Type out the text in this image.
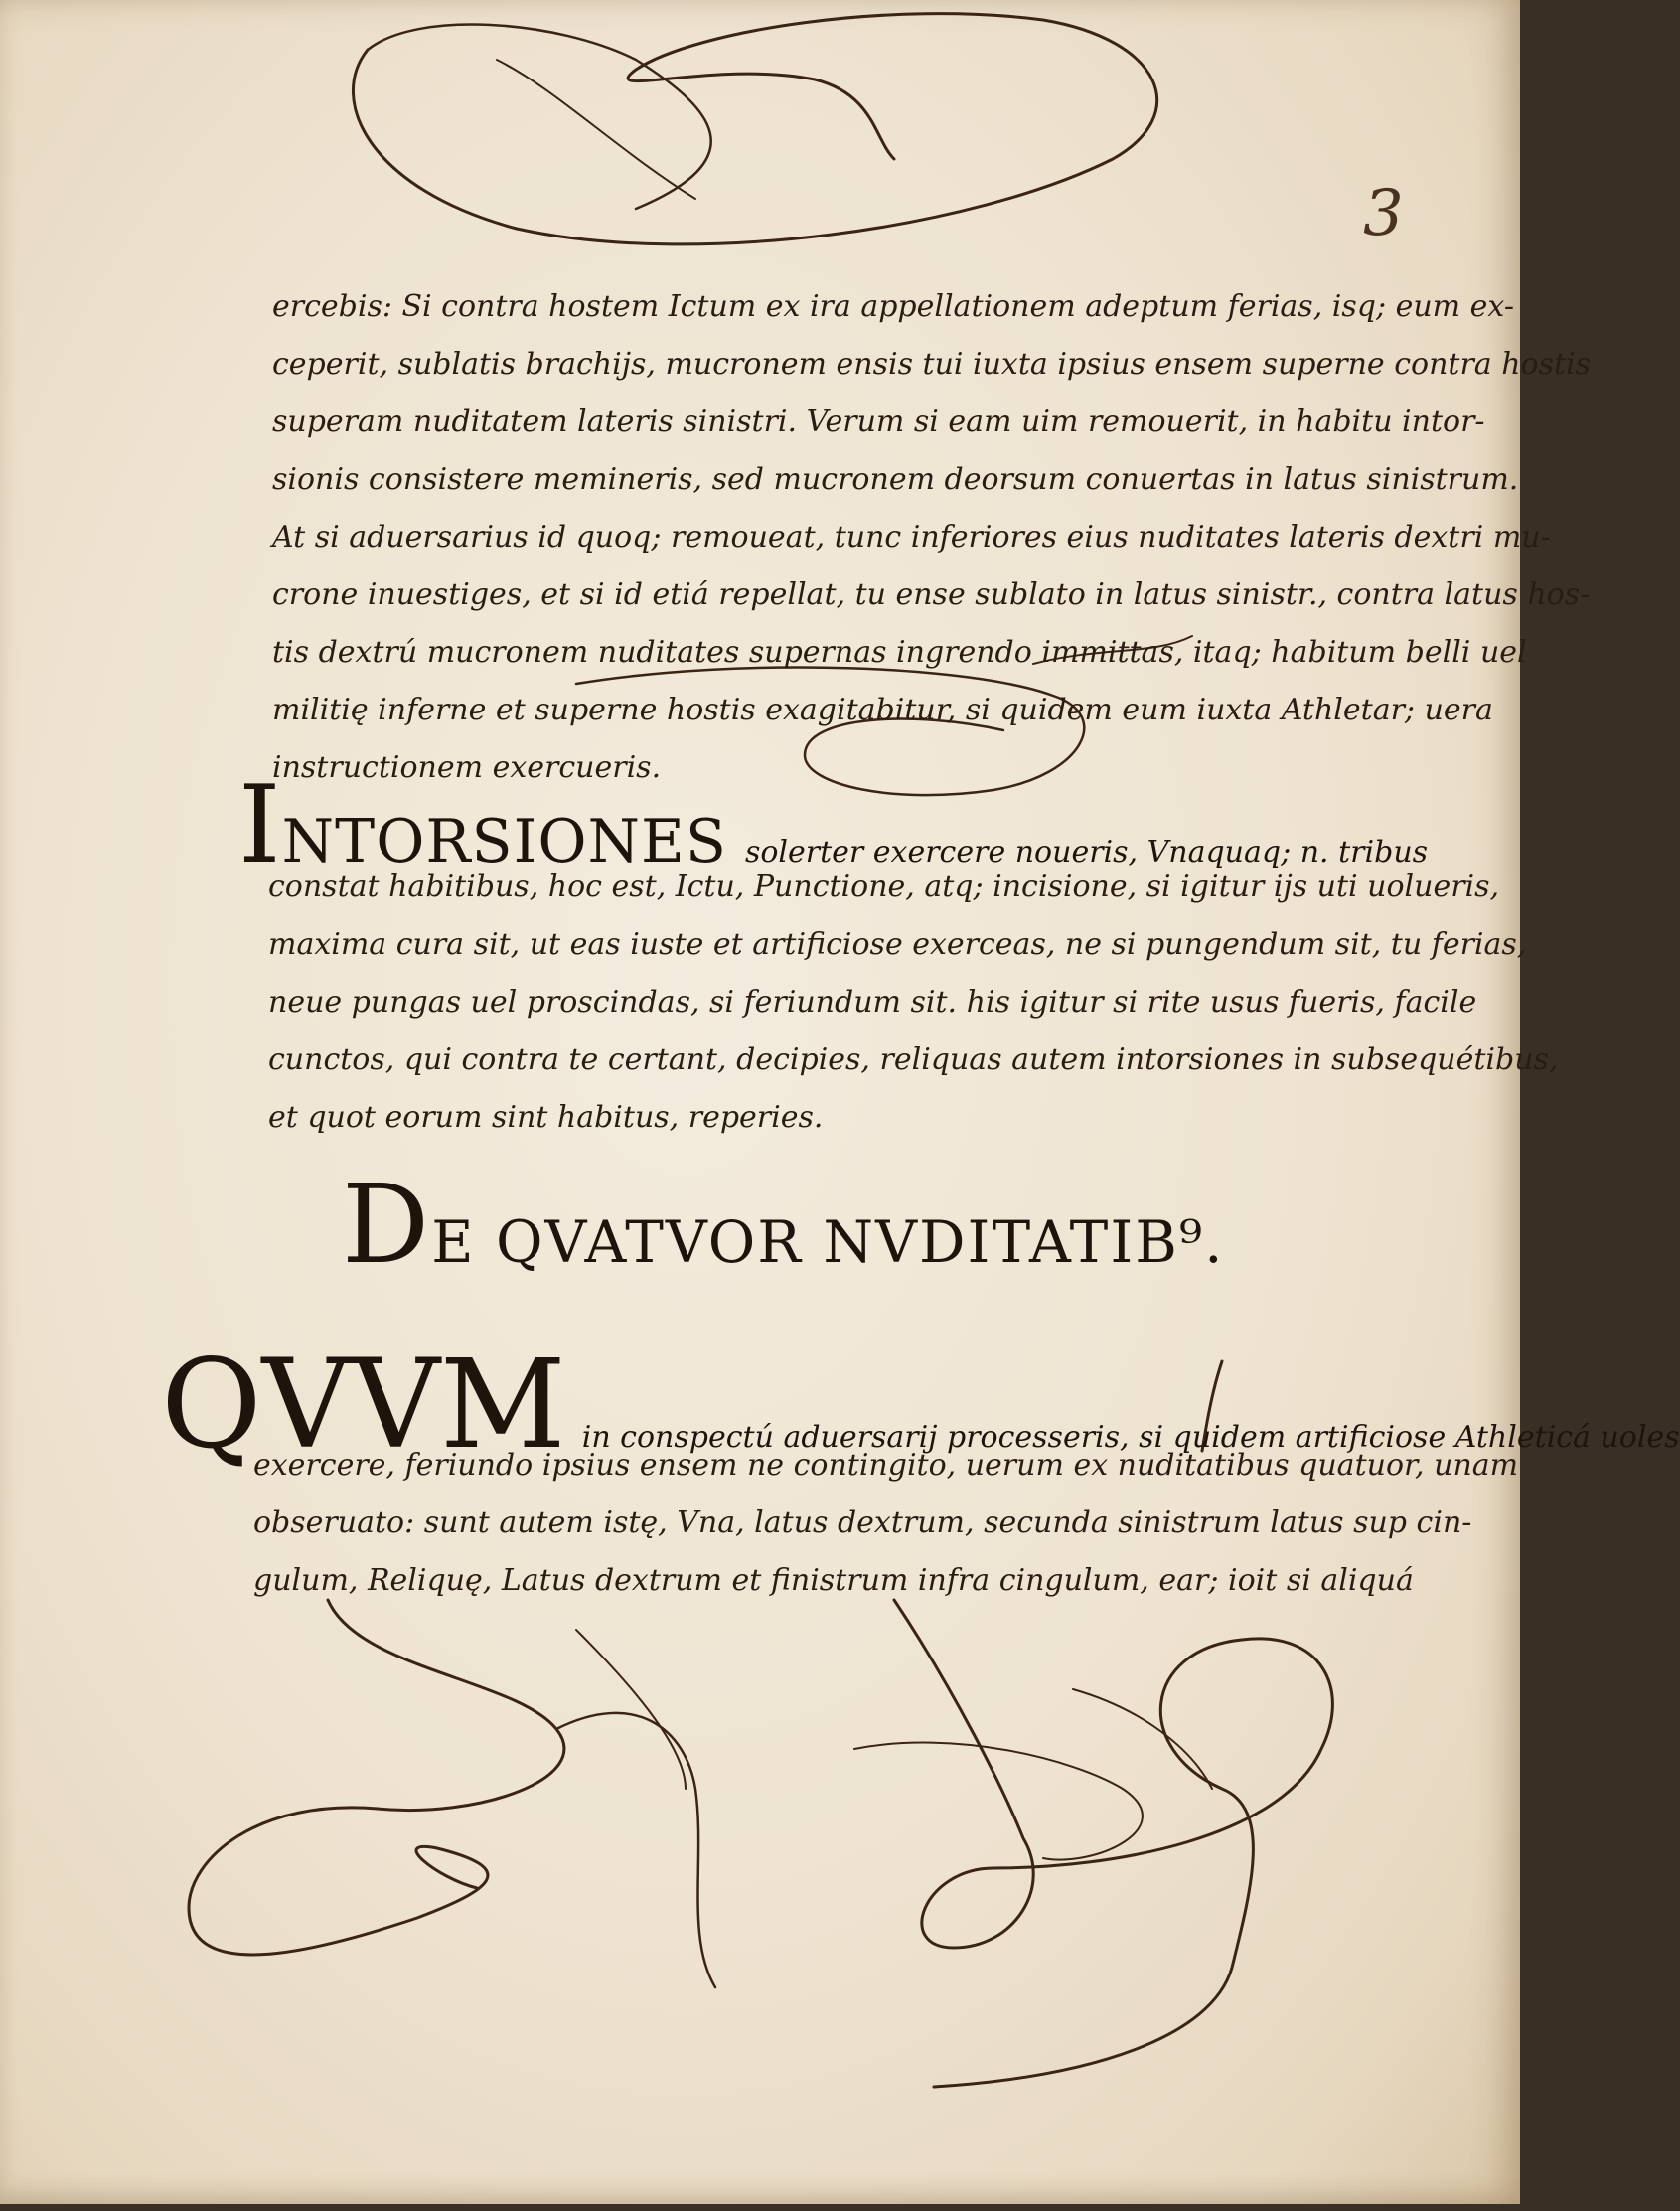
3
ercebis: Si contra hostem Ictum ex ira appellationem adeptum ferias, isq; eum ex-
ceperit, sublatis brachijs, mucronem ensis tui iuxta ipsius ensem superne contra hostis
superam nuditatem lateris sinistri. Verum si eam uim remouerit, in habitu intor-
sionis consistere memineris, sed mucronem deorsum conuertas in latus sinistrum.
At si aduersarius id quoq; remoueat, tunc inferiores eius nuditates lateris dextri mu-
crone inuestiges, et si id etiá repellat, tu ense sublato in latus sinistr., contra latus hos-
tis dextrú mucronem nuditates supernas ingrendo immittas, itaq; habitum belli uel
militię inferne et superne hostis exagitabitur, si quidem eum iuxta Athletar; uera
instructionem exercueris.
INTORSIONES solerter exercere noueris, Vnaquaq; n. tribus
constat habitibus, hoc est, Ictu, Punctione, atq; incisione, si igitur ijs uti uolueris,
maxima cura sit, ut eas iuste et artificiose exerceas, ne si pungendum sit, tu ferias,
neue pungas uel proscindas, si feriundum sit. his igitur si rite usus fueris, facile
cunctos, qui contra te certant, decipies, reliquas autem intorsiones in subsequétibus,
et quot eorum sint habitus, reperies.
DE QVATVOR NVDITATIB⁹.
QVVM in conspectú aduersarij processeris, si quidem artificiose Athleticá uoles
exercere, feriundo ipsius ensem ne contingito, uerum ex nuditatibus quatuor, unam
obseruato: sunt autem istę, Vna, latus dextrum, secunda sinistrum latus sup cin-
gulum, Reliquę, Latus dextrum et finistrum infra cingulum, ear; ioit si aliquá
